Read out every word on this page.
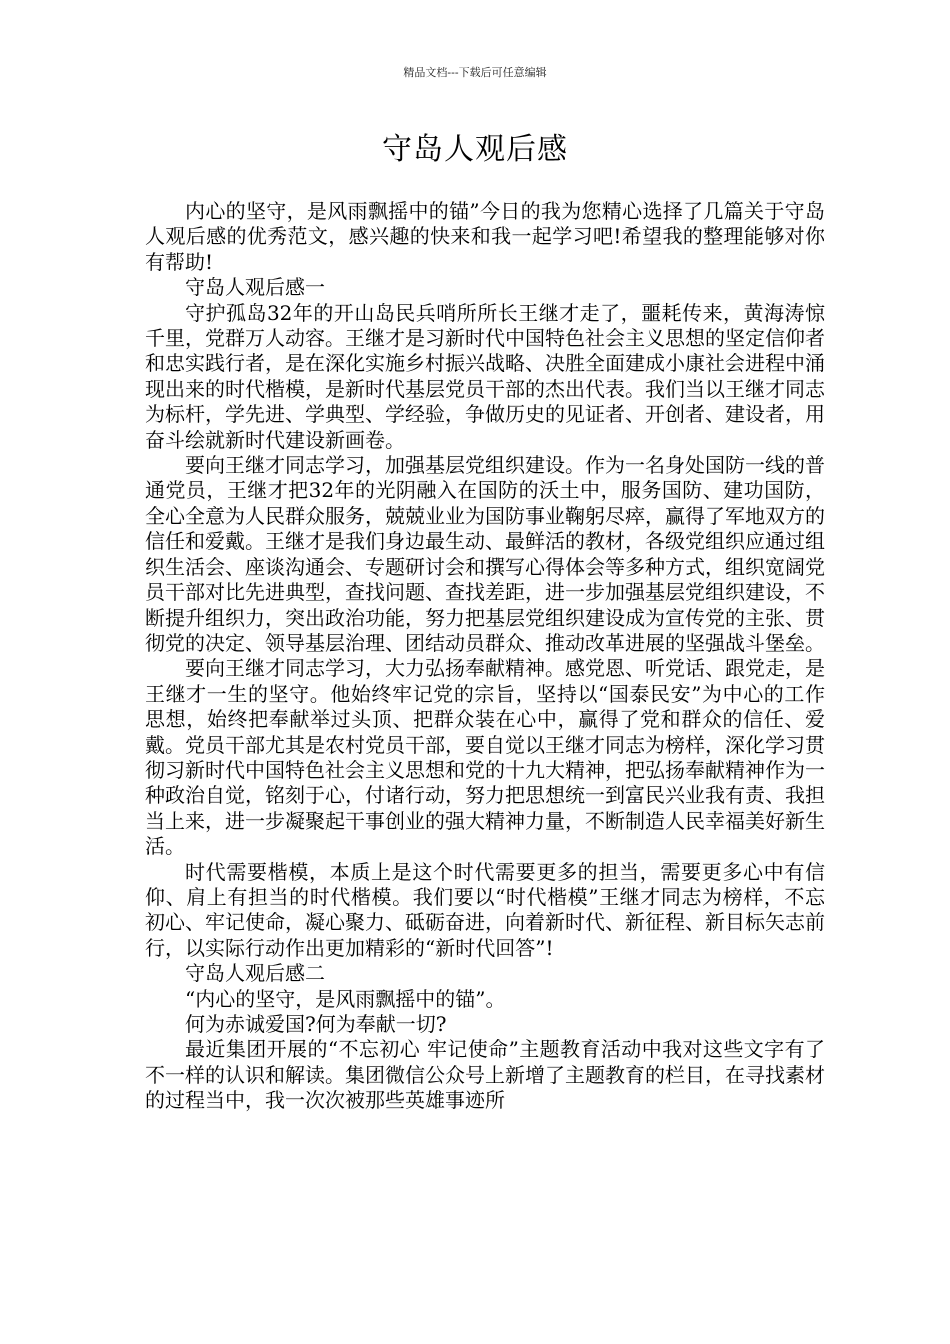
精品文档---下载后可任意编辑
守岛人观后感

内心的坚守，是风雨飘摇中的锚”今日的我为您精心选择了几篇关于守岛人观后感的优秀范文，感兴趣的快来和我一起学习吧!希望我的整理能够对你有帮助!

守岛人观后感一

守护孤岛32年的开山岛民兵哨所所长王继才走了，噩耗传来，黄海涛惊千里，党群万人动容。王继才是习新时代中国特色社会主义思想的坚定信仰者和忠实践行者，是在深化实施乡村振兴战略、决胜全面建成小康社会进程中涌现出来的时代楷模，是新时代基层党员干部的杰出代表。我们当以王继才同志为标杆，学先进、学典型、学经验，争做历史的见证者、开创者、建设者，用奋斗绘就新时代建设新画卷。

要向王继才同志学习，加强基层党组织建设。作为一名身处国防一线的普通党员，王继才把32年的光阴融入在国防的沃土中，服务国防、建功国防，全心全意为人民群众服务，兢兢业业为国防事业鞠躬尽瘁，赢得了军地双方的信任和爱戴。王继才是我们身边最生动、最鲜活的教材，各级党组织应通过组织生活会、座谈沟通会、专题研讨会和撰写心得体会等多种方式，组织宽阔党员干部对比先进典型，查找问题、查找差距，进一步加强基层党组织建设，不断提升组织力，突出政治功能，努力把基层党组织建设成为宣传党的主张、贯彻党的决定、领导基层治理、团结动员群众、推动改革进展的坚强战斗堡垒。

要向王继才同志学习，大力弘扬奉献精神。感党恩、听党话、跟党走，是王继才一生的坚守。他始终牢记党的宗旨，坚持以“国泰民安”为中心的工作思想，始终把奉献举过头顶、把群众装在心中，赢得了党和群众的信任、爱戴。党员干部尤其是农村党员干部，要自觉以王继才同志为榜样，深化学习贯彻习新时代中国特色社会主义思想和党的十九大精神，把弘扬奉献精神作为一种政治自觉，铭刻于心，付诸行动，努力把思想统一到富民兴业我有责、我担当上来，进一步凝聚起干事创业的强大精神力量，不断制造人民幸福美好新生活。

时代需要楷模，本质上是这个时代需要更多的担当，需要更多心中有信仰、肩上有担当的时代楷模。我们要以“时代楷模”王继才同志为榜样，不忘初心、牢记使命，凝心聚力、砥砺奋进，向着新时代、新征程、新目标矢志前行，以实际行动作出更加精彩的“新时代回答”!

守岛人观后感二

“内心的坚守，是风雨飘摇中的锚”。

何为赤诚爱国?何为奉献一切?

最近集团开展的“不忘初心 牢记使命”主题教育活动中我对这些文字有了不一样的认识和解读。集团微信公众号上新增了主题教育的栏目，在寻找素材的过程当中，我一次次被那些英雄事迹所
